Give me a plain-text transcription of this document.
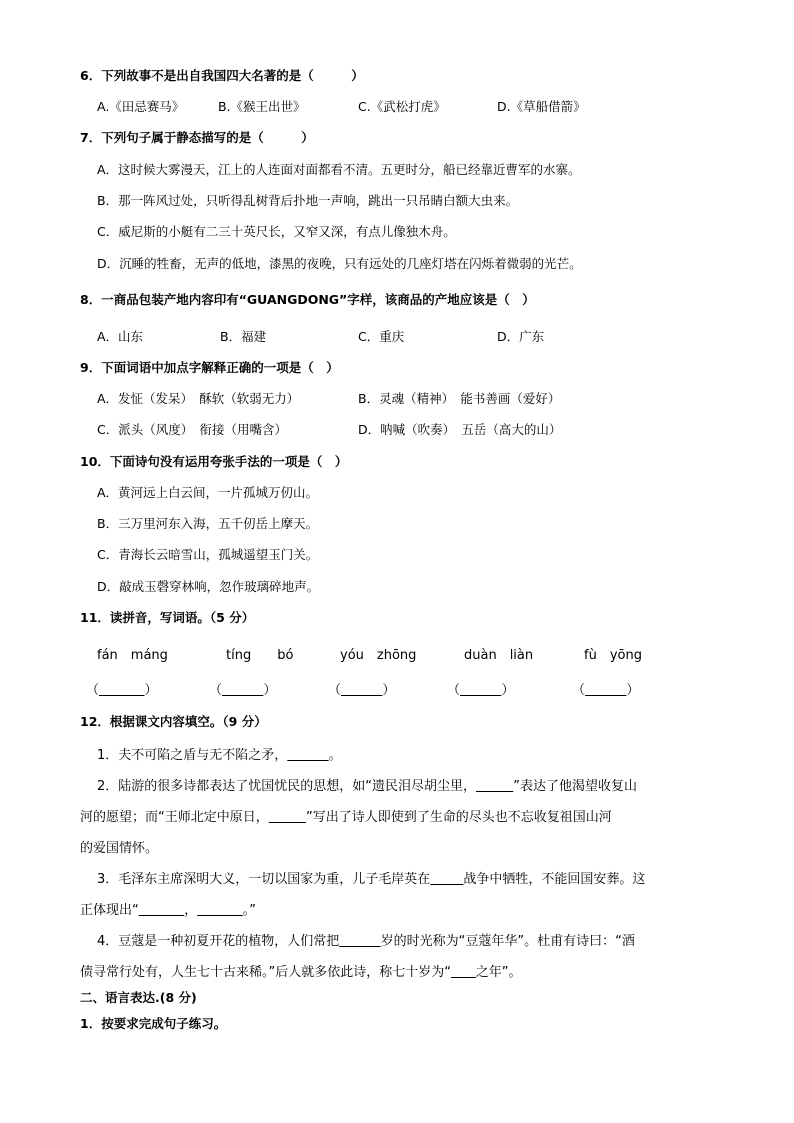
6．下列故事不是出自我国四大名著的是（　　　）
A.《田忌赛马》	B.《猴王出世》	C.《武松打虎》	D.《草船借箭》
7．下列句子属于静态描写的是（　　　）
A．这时候大雾漫天，江上的人连面对面都看不清。五更时分，船已经靠近曹军的水寨。
B．那一阵风过处，只听得乱树背后扑地一声响，跳出一只吊睛白额大虫来。
C．威尼斯的小艇有二三十英尺长，又窄又深，有点儿像独木舟。
D．沉睡的牲畜，无声的低地，漆黑的夜晚，只有远处的几座灯塔在闪烁着微弱的光芒。
8．一商品包装产地内容印有“GUANGDONG”字样，该商品的产地应该是（　）
A．山东	B．福建	C．重庆	D．广东
9．下面词语中加点字解释正确的一项是（　）
A．发怔（发呆）　酥软（软弱无力）	B．灵魂（精神）　能书善画（爱好）
C．派头（风度）　衔接（用嘴含）	D．呐喊（吹奏）　五岳（高大的山）
10．下面诗句没有运用夸张手法的一项是（　）
A．黄河远上白云间，一片孤城万仞山。
B．三万里河东入海，五千仞岳上摩天。
C．青海长云暗雪山，孤城遥望玉门关。
D．敲成玉磬穿林响，忽作玻璃碎地声。
11．读拼音，写词语。（5 分）
fán　máng	tíng　　bó	yóu　zhōng	duàn　liàn	fù　yōng
（	）	（	）	（	）	（	）	（	）
12．根据课文内容填空。（9 分）
1．夫不可陷之盾与无不陷之矛，	。
2．陆游的很多诗都表达了忧国忧民的思想，如“遗民泪尽胡尘里，	”表达了他渴望收复山
河的愿望；而“王师北定中原日，	”写出了诗人即使到了生命的尽头也不忘收复祖国山河
的爱国情怀。
3．毛泽东主席深明大义，一切以国家为重，儿子毛岸英在	战争中牺牲，不能回国安葬。这
正体现出“	，	。”
4．豆蔻是一种初夏开花的植物，人们常把	岁的时光称为“豆蔻年华”。杜甫有诗曰：“酒
债寻常行处有，人生七十古来稀。”后人就多依此诗，称七十岁为“ 之年”。
二、语言表达.(8 分)
1．按要求完成句子练习。
